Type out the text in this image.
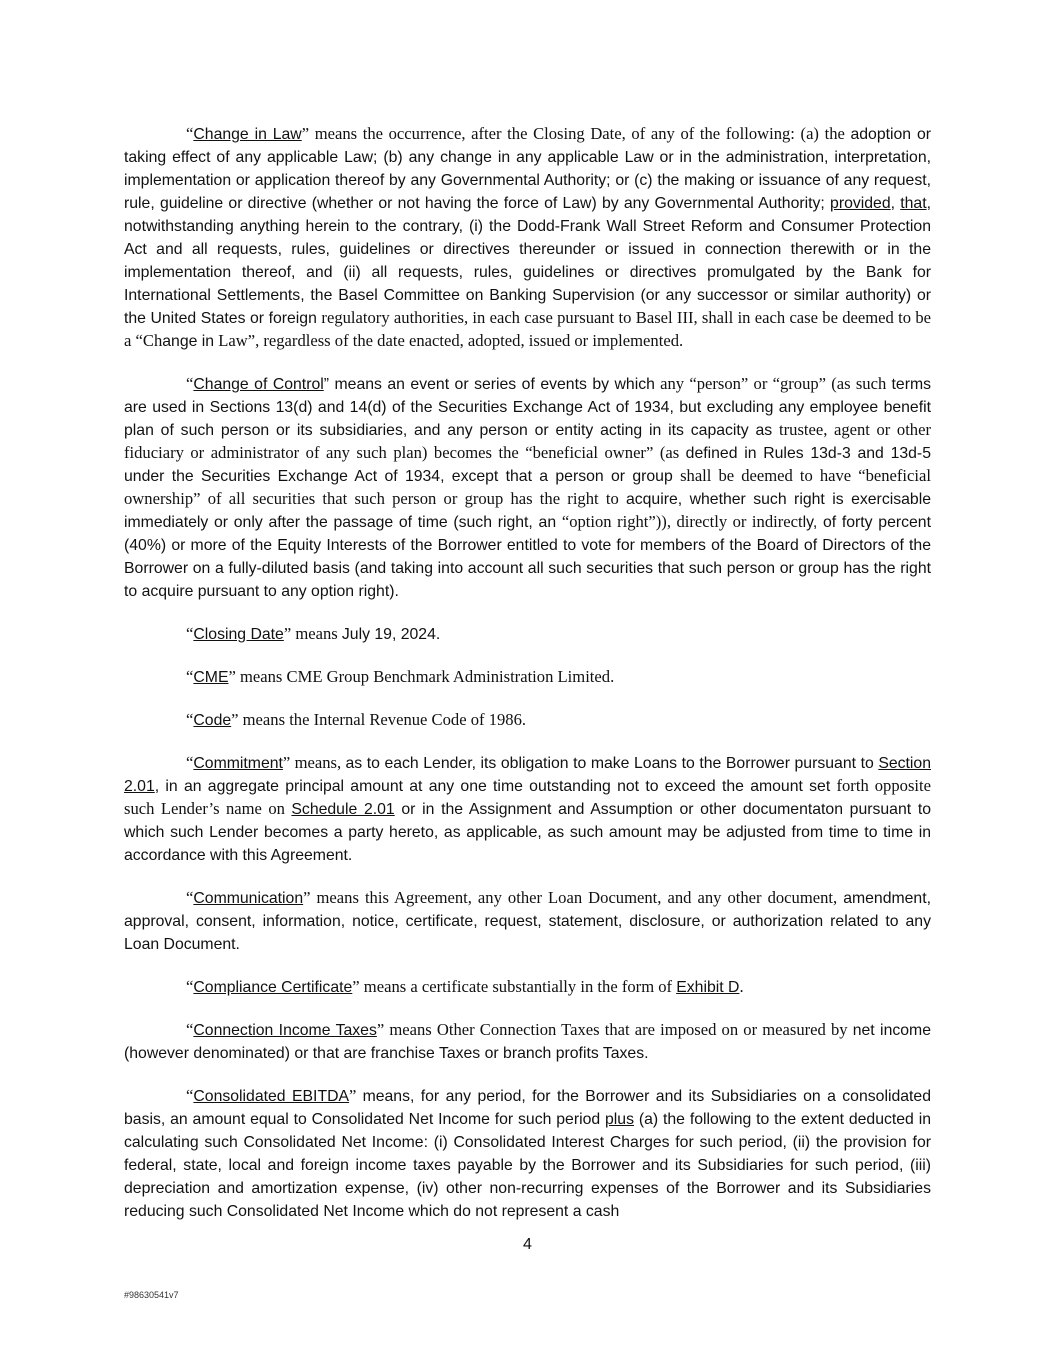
“Change in Law” means the occurrence, after the Closing Date, of any of the following: (a) the adoption or taking effect of any applicable Law; (b) any change in any applicable Law or in the administration, interpretation, implementation or application thereof by any Governmental Authority; or (c) the making or issuance of any request, rule, guideline or directive (whether or not having the force of Law) by any Governmental Authority; provided, that, notwithstanding anything herein to the contrary, (i) the Dodd-Frank Wall Street Reform and Consumer Protection Act and all requests, rules, guidelines or directives thereunder or issued in connection therewith or in the implementation thereof, and (ii) all requests, rules, guidelines or directives promulgated by the Bank for International Settlements, the Basel Committee on Banking Supervision (or any successor or similar authority) or the United States or foreign regulatory authorities, in each case pursuant to Basel III, shall in each case be deemed to be a “Change in Law”, regardless of the date enacted, adopted, issued or implemented.

“Change of Control” means an event or series of events by which any “person” or “group” (as such terms are used in Sections 13(d) and 14(d) of the Securities Exchange Act of 1934, but excluding any employee benefit plan of such person or its subsidiaries, and any person or entity acting in its capacity as trustee, agent or other fiduciary or administrator of any such plan) becomes the “beneficial owner” (as defined in Rules 13d-3 and 13d-5 under the Securities Exchange Act of 1934, except that a person or group shall be deemed to have “beneficial ownership” of all securities that such person or group has the right to acquire, whether such right is exercisable immediately or only after the passage of time (such right, an “option right”)), directly or indirectly, of forty percent (40%) or more of the Equity Interests of the Borrower entitled to vote for members of the Board of Directors of the Borrower on a fully-diluted basis (and taking into account all such securities that such person or group has the right to acquire pursuant to any option right).

“Closing Date” means July 19, 2024.

“CME” means CME Group Benchmark Administration Limited.

“Code” means the Internal Revenue Code of 1986.

“Commitment” means, as to each Lender, its obligation to make Loans to the Borrower pursuant to Section 2.01, in an aggregate principal amount at any one time outstanding not to exceed the amount set forth opposite such Lender’s name on Schedule 2.01 or in the Assignment and Assumption or other documentaton pursuant to which such Lender becomes a party hereto, as applicable, as such amount may be adjusted from time to time in accordance with this Agreement.

“Communication” means this Agreement, any other Loan Document, and any other document, amendment, approval, consent, information, notice, certificate, request, statement, disclosure, or authorization related to any Loan Document.

“Compliance Certificate” means a certificate substantially in the form of Exhibit D.

“Connection Income Taxes” means Other Connection Taxes that are imposed on or measured by net income (however denominated) or that are franchise Taxes or branch profits Taxes.

“Consolidated EBITDA” means, for any period, for the Borrower and its Subsidiaries on a consolidated basis, an amount equal to Consolidated Net Income for such period plus (a) the following to the extent deducted in calculating such Consolidated Net Income: (i) Consolidated Interest Charges for such period, (ii) the provision for federal, state, local and foreign income taxes payable by the Borrower and its Subsidiaries for such period, (iii) depreciation and amortization expense, (iv) other non-recurring expenses of the Borrower and its Subsidiaries reducing such Consolidated Net Income which do not represent a cash

4
#98630541v7
